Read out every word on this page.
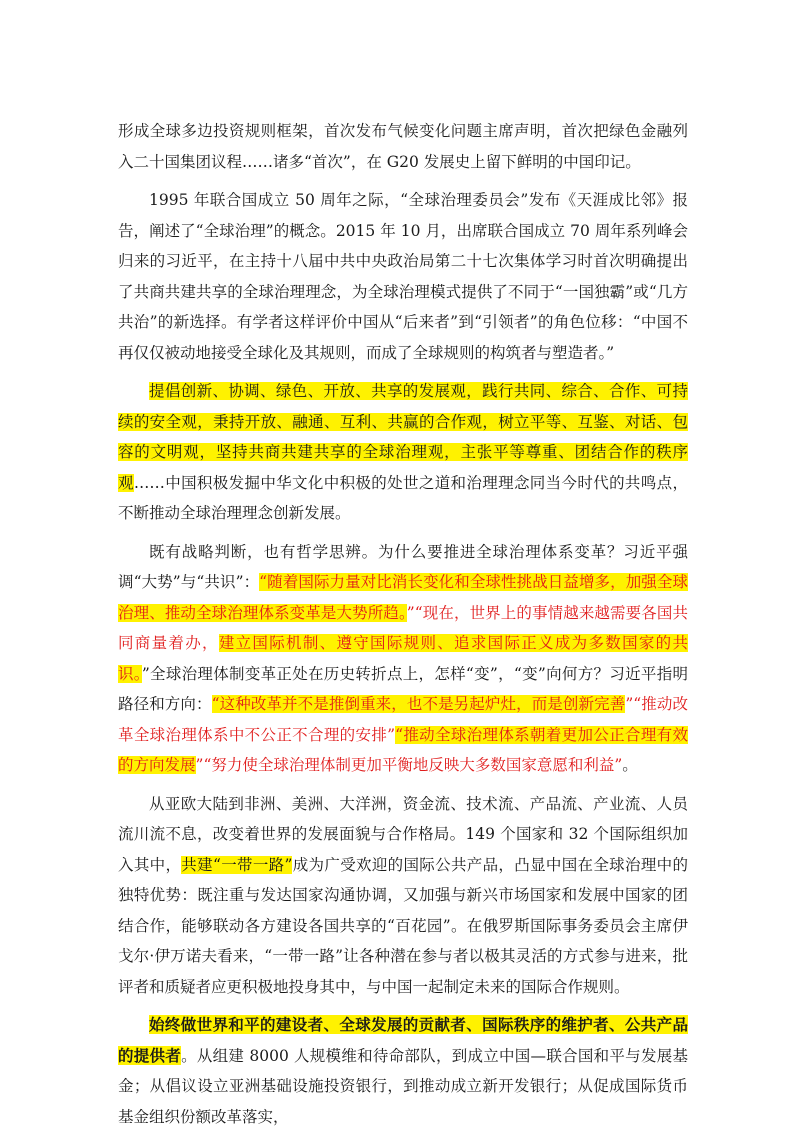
形成全球多边投资规则框架，首次发布气候变化问题主席声明，首次把绿色金融列入二十国集团议程……诸多“首次”，在 G20 发展史上留下鲜明的中国印记。

1995 年联合国成立 50 周年之际，“全球治理委员会”发布《天涯成比邻》报告，阐述了“全球治理”的概念。2015 年 10 月，出席联合国成立 70 周年系列峰会归来的习近平，在主持十八届中共中央政治局第二十七次集体学习时首次明确提出了共商共建共享的全球治理理念，为全球治理模式提供了不同于“一国独霸”或“几方共治”的新选择。有学者这样评价中国从“后来者”到“引领者”的角色位移：“中国不再仅仅被动地接受全球化及其规则，而成了全球规则的构筑者与塑造者。”

提倡创新、协调、绿色、开放、共享的发展观，践行共同、综合、合作、可持续的安全观，秉持开放、融通、互利、共赢的合作观，树立平等、互鉴、对话、包容的文明观，坚持共商共建共享的全球治理观，主张平等尊重、团结合作的秩序观……中国积极发掘中华文化中积极的处世之道和治理理念同当今时代的共鸣点，不断推动全球治理理念创新发展。

既有战略判断，也有哲学思辨。为什么要推进全球治理体系变革？习近平强调“大势”与“共识”：“随着国际力量对比消长变化和全球性挑战日益增多，加强全球治理、推动全球治理体系变革是大势所趋。”“现在，世界上的事情越来越需要各国共同商量着办，建立国际机制、遵守国际规则、追求国际正义成为多数国家的共识。”全球治理体制变革正处在历史转折点上，怎样“变”，“变”向何方？习近平指明路径和方向：“这种改革并不是推倒重来，也不是另起炉灶，而是创新完善”“推动改革全球治理体系中不公正不合理的安排”“推动全球治理体系朝着更加公正合理有效的方向发展”“努力使全球治理体制更加平衡地反映大多数国家意愿和利益”。

从亚欧大陆到非洲、美洲、大洋洲，资金流、技术流、产品流、产业流、人员流川流不息，改变着世界的发展面貌与合作格局。149 个国家和 32 个国际组织加入其中，共建“一带一路”成为广受欢迎的国际公共产品，凸显中国在全球治理中的独特优势：既注重与发达国家沟通协调，又加强与新兴市场国家和发展中国家的团结合作，能够联动各方建设各国共享的“百花园”。在俄罗斯国际事务委员会主席伊戈尔·伊万诺夫看来，“一带一路”让各种潜在参与者以极其灵活的方式参与进来，批评者和质疑者应更积极地投身其中，与中国一起制定未来的国际合作规则。

始终做世界和平的建设者、全球发展的贡献者、国际秩序的维护者、公共产品的提供者。从组建 8000 人规模维和待命部队，到成立中国—联合国和平与发展基金；从倡议设立亚洲基础设施投资银行，到推动成立新开发银行；从促成国际货币基金组织份额改革落实，
